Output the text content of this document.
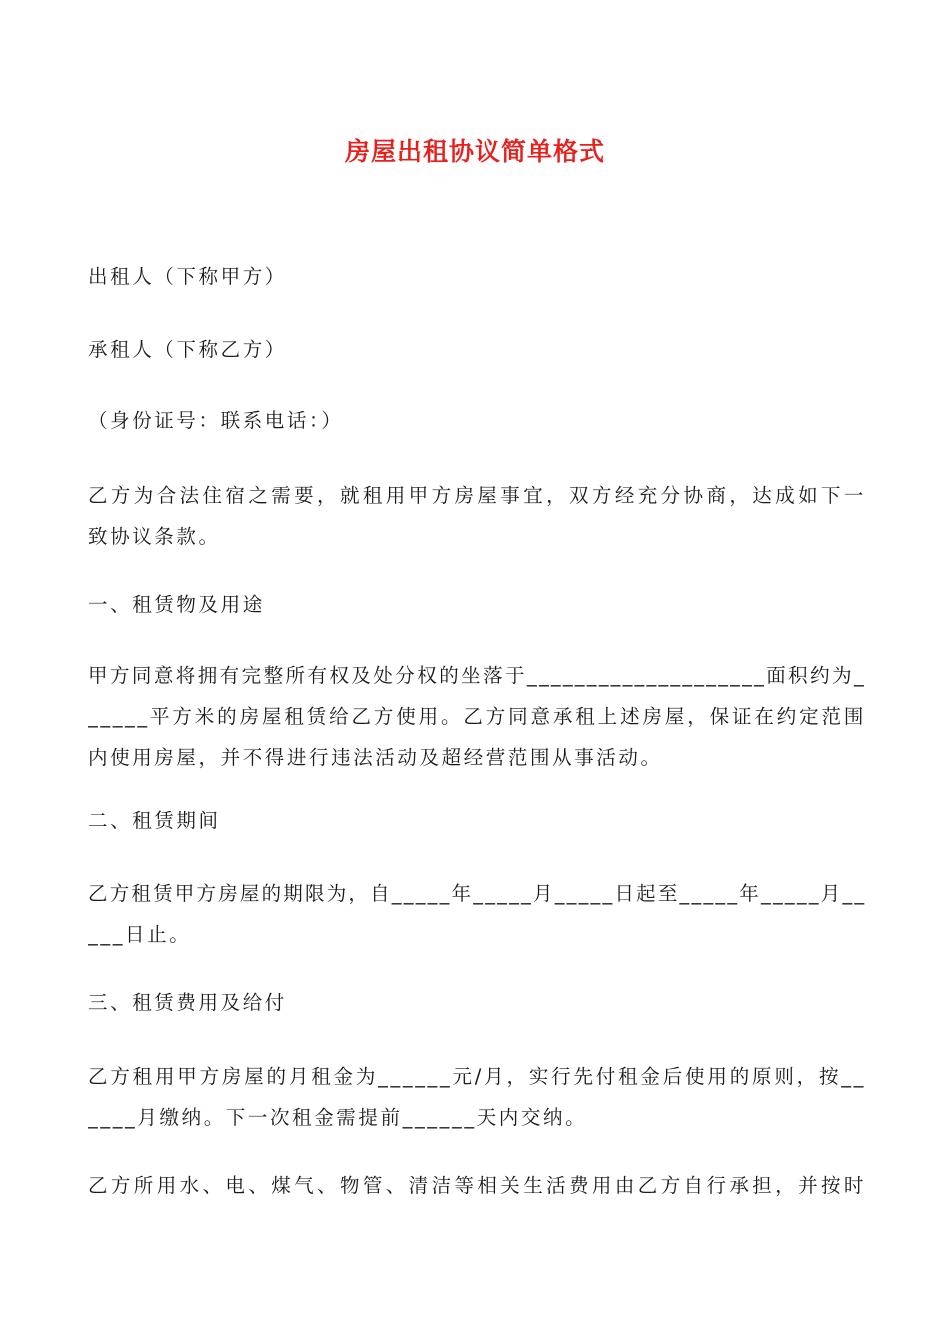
房屋出租协议简单格式
出租人（下称甲方）
承租人（下称乙方）
（身份证号：联系电话：）
乙方为合法住宿之需要，就租用甲方房屋事宜，双方经充分协商，达成如下一
致协议条款。
一、租赁物及用途
甲方同意将拥有完整所有权及处分权的坐落于____________________面积约为_
_____平方米的房屋租赁给乙方使用。乙方同意承租上述房屋，保证在约定范围
内使用房屋，并不得进行违法活动及超经营范围从事活动。
二、租赁期间
乙方租赁甲方房屋的期限为，自_____年_____月_____日起至_____年_____月__
___日止。
三、租赁费用及给付
乙方租用甲方房屋的月租金为______元/月，实行先付租金后使用的原则，按__
____月缴纳。下一次租金需提前______天内交纳。
乙方所用水、电、煤气、物管、清洁等相关生活费用由乙方自行承担，并按时
